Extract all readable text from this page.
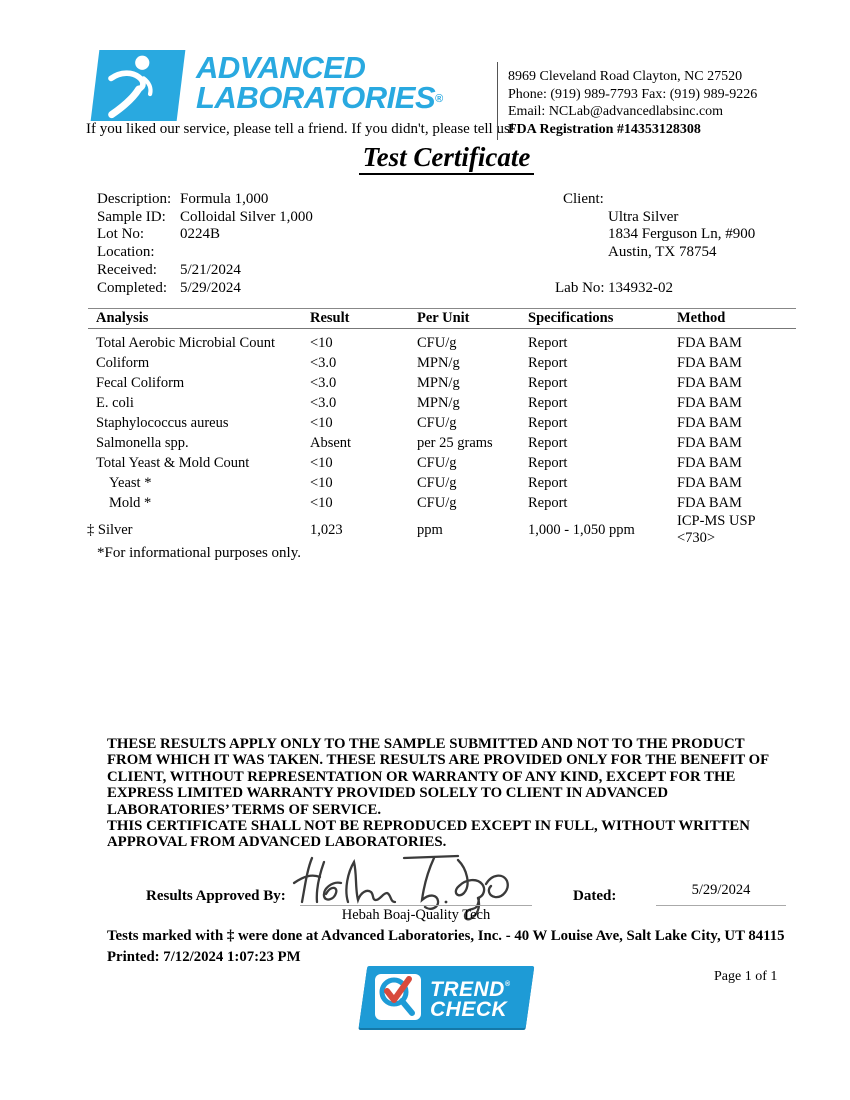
ADVANCED
LABORATORIES®
If you liked our service, please tell a friend. If you didn't, please tell us!
8969 Cleveland Road Clayton, NC 27520
Phone: (919) 989-7793 Fax: (919) 989-9226
Email: NCLab@advancedlabsinc.com
FDA Registration #14353128308
Test Certificate
Description: Formula 1,000
Sample ID: Colloidal Silver 1,000
Lot No:	0224B
Location:
Received:	5/21/2024
Completed: 5/29/2024
Client:
Ultra Silver
1834 Ferguson Ln, #900
Austin, TX 78754
Lab No: 134932-02
Analysis	Result	Per Unit	Specifications	Method
Total Aerobic Microbial Count	<10	CFU/g	Report	FDA BAM
Coliform	<3.0	MPN/g	Report	FDA BAM
Fecal Coliform	<3.0	MPN/g	Report	FDA BAM
E. coli	<3.0	MPN/g	Report	FDA BAM
Staphylococcus aureus	<10	CFU/g	Report	FDA BAM
Salmonella spp.	Absent	per 25 grams	Report	FDA BAM
Total Yeast & Mold Count	<10	CFU/g	Report	FDA BAM
Yeast *	<10	CFU/g	Report	FDA BAM
Mold *	<10	CFU/g	Report	FDA BAM
‡ Silver	1,023	ppm	1,000 - 1,050 ppm
ICP-MS USP <730>
*For informational purposes only.
THESE RESULTS APPLY ONLY TO THE SAMPLE SUBMITTED AND NOT TO THE PRODUCT FROM WHICH IT WAS TAKEN. THESE RESULTS ARE PROVIDED ONLY FOR THE BENEFIT OF CLIENT, WITHOUT REPRESENTATION OR WARRANTY OF ANY KIND, EXCEPT FOR THE EXPRESS LIMITED WARRANTY PROVIDED SOLELY TO CLIENT IN ADVANCED LABORATORIES’ TERMS OF SERVICE.
THIS CERTIFICATE SHALL NOT BE REPRODUCED EXCEPT IN FULL, WITHOUT WRITTEN APPROVAL FROM ADVANCED LABORATORIES.
Results Approved By:
Hebah Boaj-Quality Tech
Dated:	5/29/2024
Tests marked with ‡ were done at Advanced Laboratories, Inc. - 40 W Louise Ave, Salt Lake City, UT 84115
Printed: 7/12/2024 1:07:23 PM
Page 1 of 1
TREND®
CHECK
